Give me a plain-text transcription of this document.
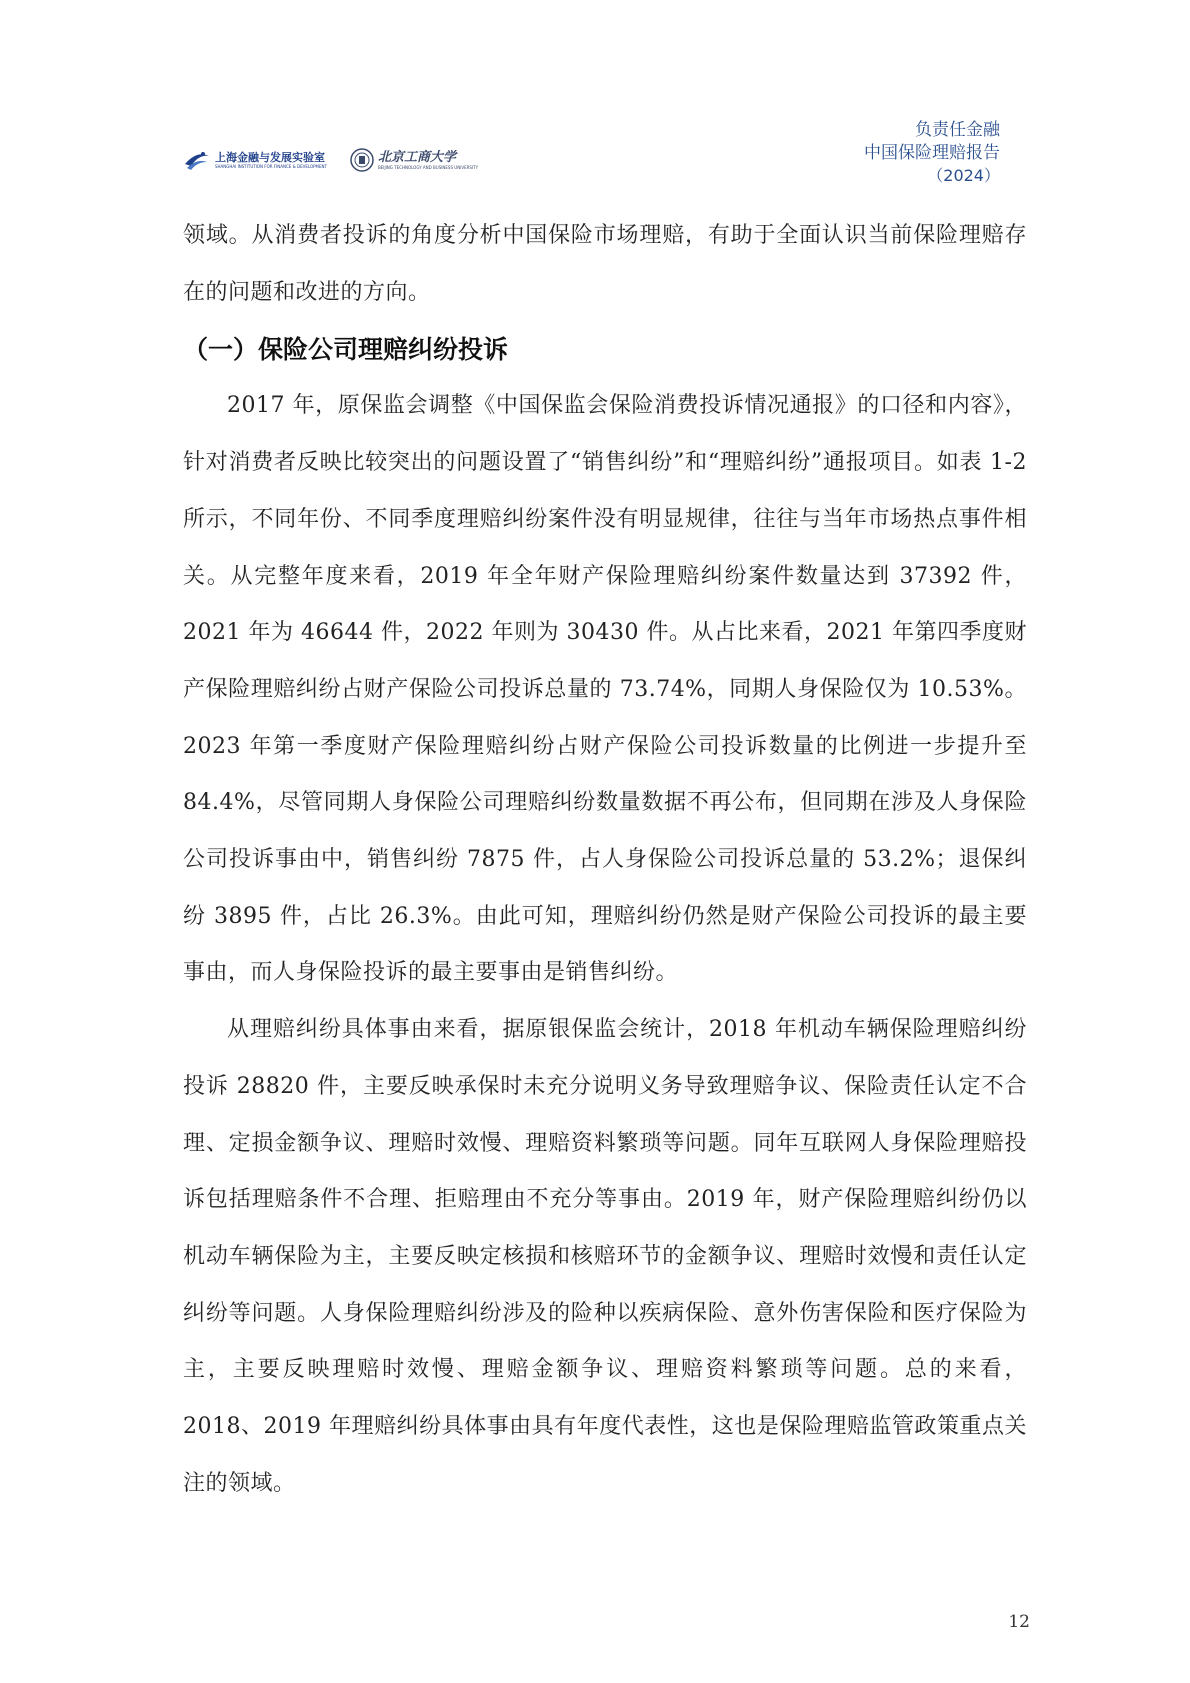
上海金融与发展实验室
SHANGHAI INSTITUTION FOR FINANCE & DEVELOPMENT
北京工商大学
BEIJING TECHNOLOGY AND BUSINESS UNIVERSITY
负责任金融
中国保险理赔报告
（2024）

领域。从消费者投诉的角度分析中国保险市场理赔，有助于全面认识当前保险理赔存在的问题和改进的方向。

（一）保险公司理赔纠纷投诉

2017 年，原保监会调整《中国保监会保险消费投诉情况通报》的口径和内容》，针对消费者反映比较突出的问题设置了“销售纠纷”和“理赔纠纷”通报项目。如表 1-2 所示，不同年份、不同季度理赔纠纷案件没有明显规律，往往与当年市场热点事件相关。从完整年度来看，2019 年全年财产保险理赔纠纷案件数量达到 37392 件，2021 年为 46644 件，2022 年则为 30430 件。从占比来看，2021 年第四季度财产保险理赔纠纷占财产保险公司投诉总量的 73.74%，同期人身保险仅为 10.53%。2023 年第一季度财产保险理赔纠纷占财产保险公司投诉数量的比例进一步提升至 84.4%，尽管同期人身保险公司理赔纠纷数量数据不再公布，但同期在涉及人身保险公司投诉事由中，销售纠纷 7875 件，占人身保险公司投诉总量的 53.2%；退保纠纷 3895 件，占比 26.3%。由此可知，理赔纠纷仍然是财产保险公司投诉的最主要事由，而人身保险投诉的最主要事由是销售纠纷。

从理赔纠纷具体事由来看，据原银保监会统计，2018 年机动车辆保险理赔纠纷投诉 28820 件，主要反映承保时未充分说明义务导致理赔争议、保险责任认定不合理、定损金额争议、理赔时效慢、理赔资料繁琐等问题。同年互联网人身保险理赔投诉包括理赔条件不合理、拒赔理由不充分等事由。2019 年，财产保险理赔纠纷仍以机动车辆保险为主，主要反映定核损和核赔环节的金额争议、理赔时效慢和责任认定纠纷等问题。人身保险理赔纠纷涉及的险种以疾病保险、意外伤害保险和医疗保险为主，主要反映理赔时效慢、理赔金额争议、理赔资料繁琐等问题。总的来看，2018、2019 年理赔纠纷具体事由具有年度代表性，这也是保险理赔监管政策重点关注的领域。

12
